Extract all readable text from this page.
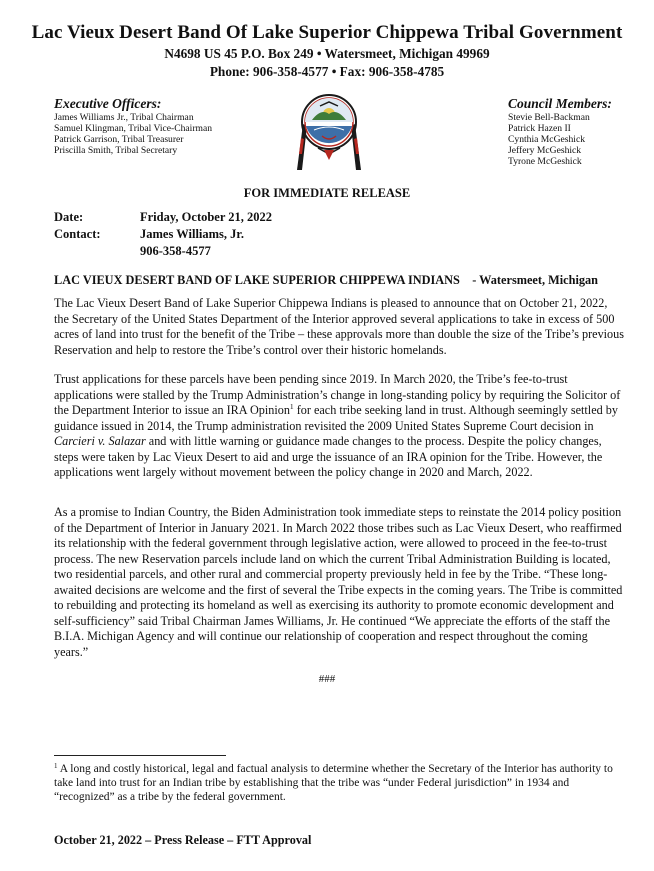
Lac Vieux Desert Band Of Lake Superior Chippewa Tribal Government
N4698 US 45 P.O. Box 249 • Watersmeet, Michigan 49969
Phone: 906-358-4577 • Fax: 906-358-4785
Executive Officers:
James Williams Jr., Tribal Chairman
Samuel Klingman, Tribal Vice-Chairman
Patrick Garrison, Tribal Treasurer
Priscilla Smith, Tribal Secretary
Council Members:
Stevie Bell-Backman
Patrick Hazen II
Cynthia McGeshick
Jeffery McGeshick
Tyrone McGeshick
FOR IMMEDIATE RELEASE
Date:	Friday, October 21, 2022
Contact:	James Williams, Jr.
906-358-4577
LAC VIEUX DESERT BAND OF LAKE SUPERIOR CHIPPEWA INDIANS - Watersmeet, Michigan
The Lac Vieux Desert Band of Lake Superior Chippewa Indians is pleased to announce that on October 21, 2022, the Secretary of the United States Department of the Interior approved several applications to take in excess of 500 acres of land into trust for the benefit of the Tribe – these approvals more than double the size of the Tribe’s previous Reservation and help to restore the Tribe’s control over their historic homelands.
Trust applications for these parcels have been pending since 2019. In March 2020, the Tribe’s fee-to-trust applications were stalled by the Trump Administration’s change in long-standing policy by requiring the Solicitor of the Department Interior to issue an IRA Opinion$^1$ for each tribe seeking land in trust. Although seemingly settled by guidance issued in 2014, the Trump administration revisited the 2009 United States Supreme Court decision in Carcieri v. Salazar and with little warning or guidance made changes to the process. Despite the policy changes, steps were taken by Lac Vieux Desert to aid and urge the issuance of an IRA opinion for the Tribe. However, the applications went largely without movement between the policy change in 2020 and March, 2022.
As a promise to Indian Country, the Biden Administration took immediate steps to reinstate the 2014 policy position of the Department of Interior in January 2021. In March 2022 those tribes such as Lac Vieux Desert, who reaffirmed its relationship with the federal government through legislative action, were allowed to proceed in the fee-to-trust process. The new Reservation parcels include land on which the current Tribal Administration Building is located, two residential parcels, and other rural and commercial property previously held in fee by the Tribe. “These long-awaited decisions are welcome and the first of several the Tribe expects in the coming years. The Tribe is committed to rebuilding and protecting its homeland as well as exercising its authority to promote economic development and self-sufficiency” said Tribal Chairman James Williams, Jr. He continued “We appreciate the efforts of the staff the B.I.A. Michigan Agency and will continue our relationship of cooperation and respect throughout the coming years.”
###
$^1$ A long and costly historical, legal and factual analysis to determine whether the Secretary of the Interior has authority to take land into trust for an Indian tribe by establishing that the tribe was “under Federal jurisdiction” in 1934 and “recognized” as a tribe by the federal government.
October 21, 2022 – Press Release – FTT Approval
